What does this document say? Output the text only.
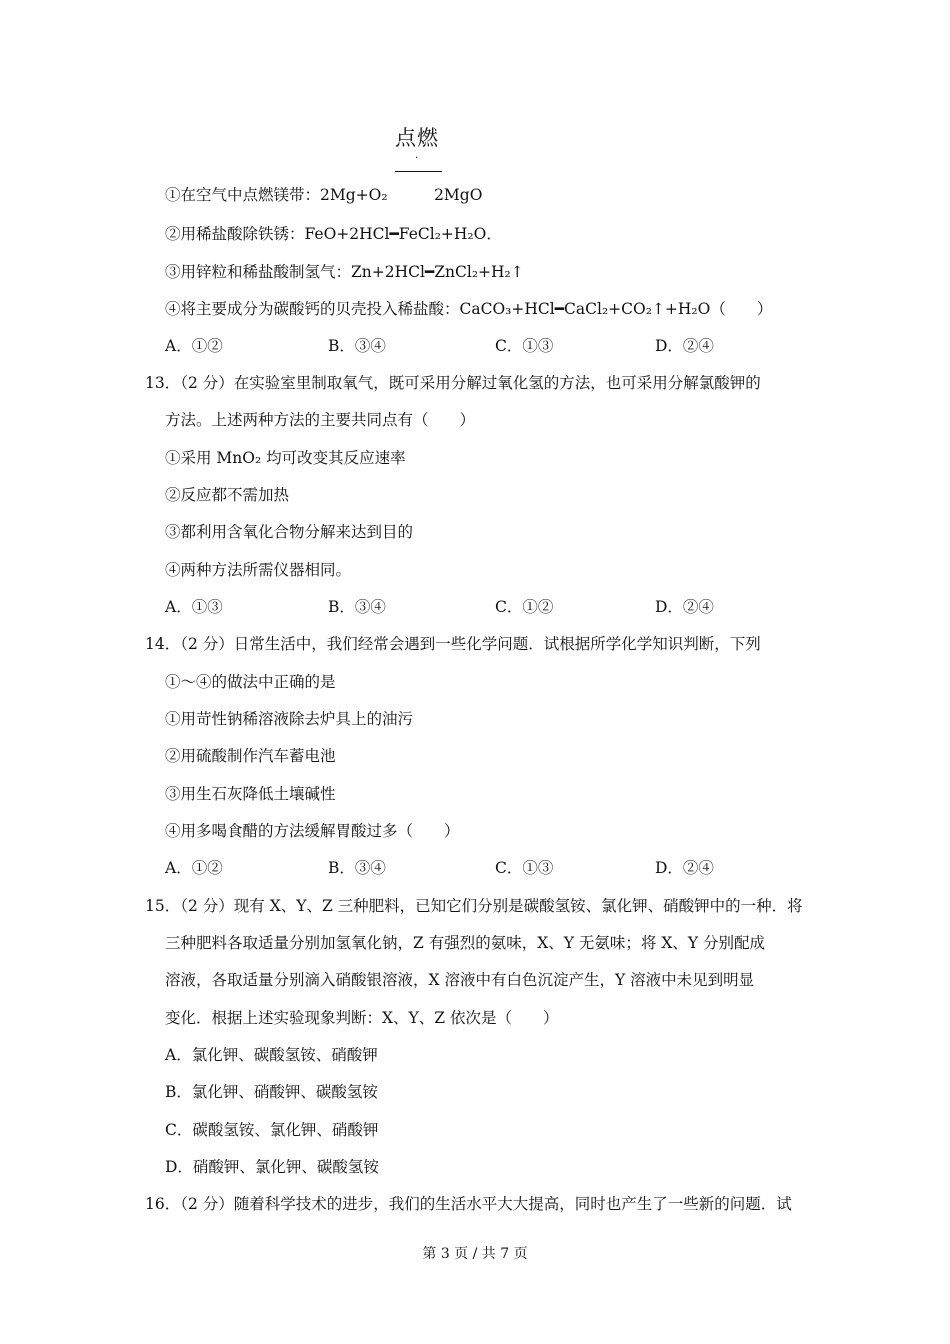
点燃
·
①在空气中点燃镁带：2Mg+O₂　　　2MgO
②用稀盐酸除铁锈：FeO+2HCl━FeCl₂+H₂O．
③用锌粒和稀盐酸制氢气：Zn+2HCl━ZnCl₂+H₂↑
④将主要成分为碳酸钙的贝壳投入稀盐酸：CaCO₃+HCl━CaCl₂+CO₂↑+H₂O（　　）
A．①②	B．③④	C．①③	D．②④
13．（2 分）在实验室里制取氧气，既可采用分解过氧化氢的方法，也可采用分解氯酸钾的
方法。上述两种方法的主要共同点有（　　）
①采用 MnO₂ 均可改变其反应速率
②反应都不需加热
③都利用含氧化合物分解来达到目的
④两种方法所需仪器相同。
A．①③	B．③④	C．①②	D．②④
14．（2 分）日常生活中，我们经常会遇到一些化学问题．试根据所学化学知识判断，下列
①～④的做法中正确的是
①用苛性钠稀溶液除去炉具上的油污
②用硫酸制作汽车蓄电池
③用生石灰降低土壤碱性
④用多喝食醋的方法缓解胃酸过多（　　）
A．①②	B．③④	C．①③	D．②④
15．（2 分）现有 X、Y、Z 三种肥料，已知它们分别是碳酸氢铵、氯化钾、硝酸钾中的一种．将
三种肥料各取适量分别加氢氧化钠，Z 有强烈的氨味，X、Y 无氨味；将 X、Y 分别配成
溶液，各取适量分别滴入硝酸银溶液，X 溶液中有白色沉淀产生，Y 溶液中未见到明显
变化．根据上述实验现象判断：X、Y、Z 依次是（　　）
A．氯化钾、碳酸氢铵、硝酸钾
B．氯化钾、硝酸钾、碳酸氢铵
C．碳酸氢铵、氯化钾、硝酸钾
D．硝酸钾、氯化钾、碳酸氢铵
16．（2 分）随着科学技术的进步，我们的生活水平大大提高，同时也产生了一些新的问题．试
第 3 页 / 共 7 页
